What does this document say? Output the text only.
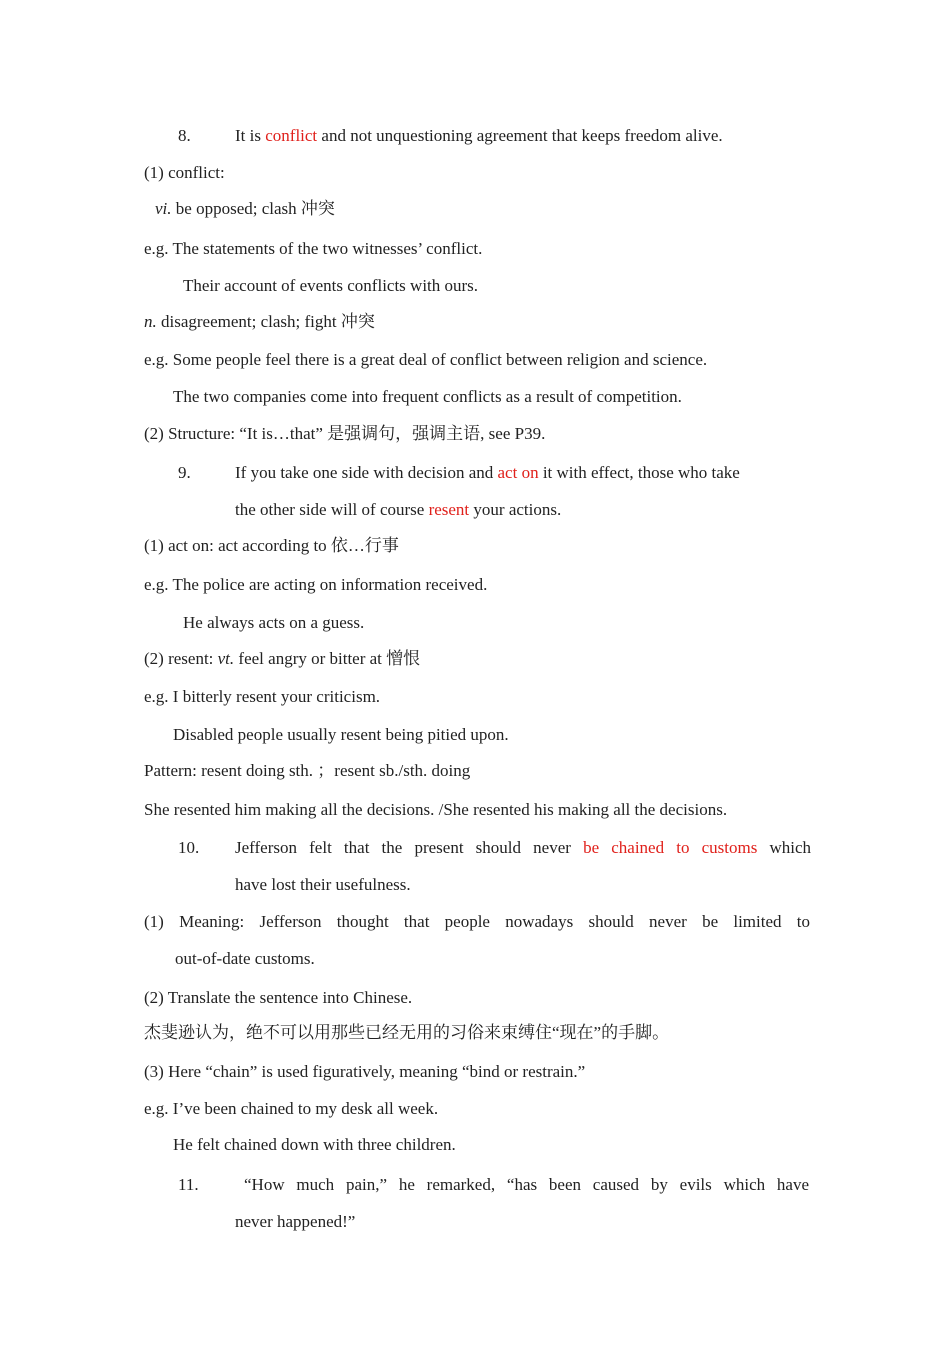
8.	It is conflict and not unquestioning agreement that keeps freedom alive.
(1) conflict:
vi. be opposed; clash 冲突
e.g. The statements of the two witnesses’ conflict.
Their account of events conflicts with ours.
n. disagreement; clash; fight 冲突
e.g. Some people feel there is a great deal of conflict between religion and science.
The two companies come into frequent conflicts as a result of competition.
(2) Structure: “It is…that” 是强调句，强调主语, see P39.
9.	If you take one side with decision and act on it with effect, those who take
the other side will of course resent your actions.
(1) act on: act according to 依…行事
e.g. The police are acting on information received.
He always acts on a guess.
(2) resent: vt. feel angry or bitter at 憎恨
e.g. I bitterly resent your criticism.
Disabled people usually resent being pitied upon.
Pattern: resent doing sth. ；resent sb./sth. doing
She resented him making all the decisions. /She resented his making all the decisions.
10.	Jefferson felt that the present should never be chained to customs which
have lost their usefulness.
(1) Meaning: Jefferson thought that people nowadays should never be limited to
out-of-date customs.
(2) Translate the sentence into Chinese.
杰斐逊认为，绝不可以用那些已经无用的习俗来束缚住“现在”的手脚。
(3) Here “chain” is used figuratively, meaning “bind or restrain.”
e.g. I’ve been chained to my desk all week.
He felt chained down with three children.
11.	“How much pain,” he remarked, “has been caused by evils which have
never happened!”
